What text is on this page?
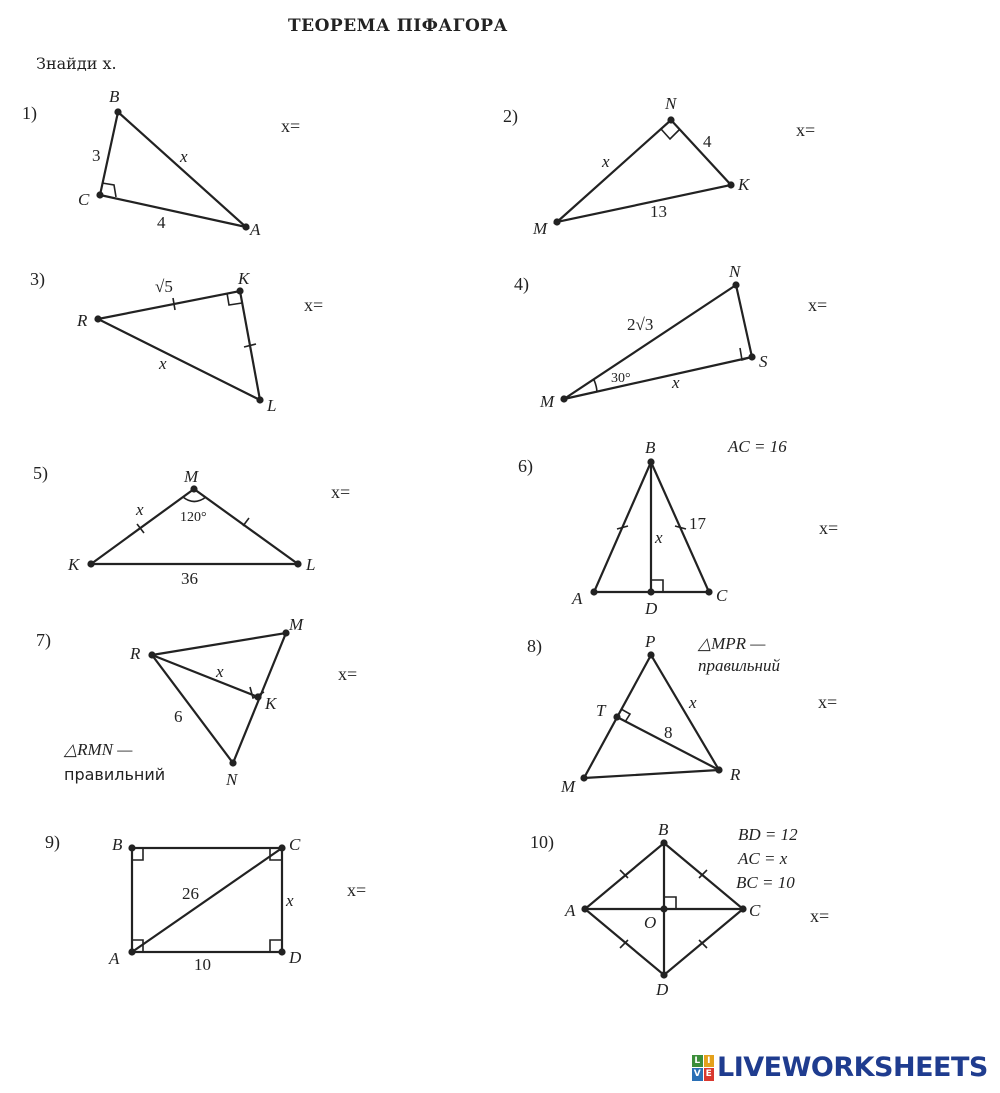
ТЕОРЕМА ПІФАГОРА
Знайди x.
1)	2)
3)	4)
5)	6)
7)	8)
9)	10)
x=	x=
x=	x=
x=
x=
x=
x=
x=
x=
AC = 16
△RMN —
правильний
△MPR —
правильний
BD = 12
AC = x
BC = 10
B
C
A
3	x
4
N
M
K
x
4
13
R
K
L
√5
x
N
M
S
2√3
30° x
M
K	L
x	120°
36
B
A
D
C
x
17
R
M
K
N
x
6
P
T
M
R
x
8
B	C
A	D
26	x
10
B
A
O
C
D
L I
V E LIVEWORKSHEETS
